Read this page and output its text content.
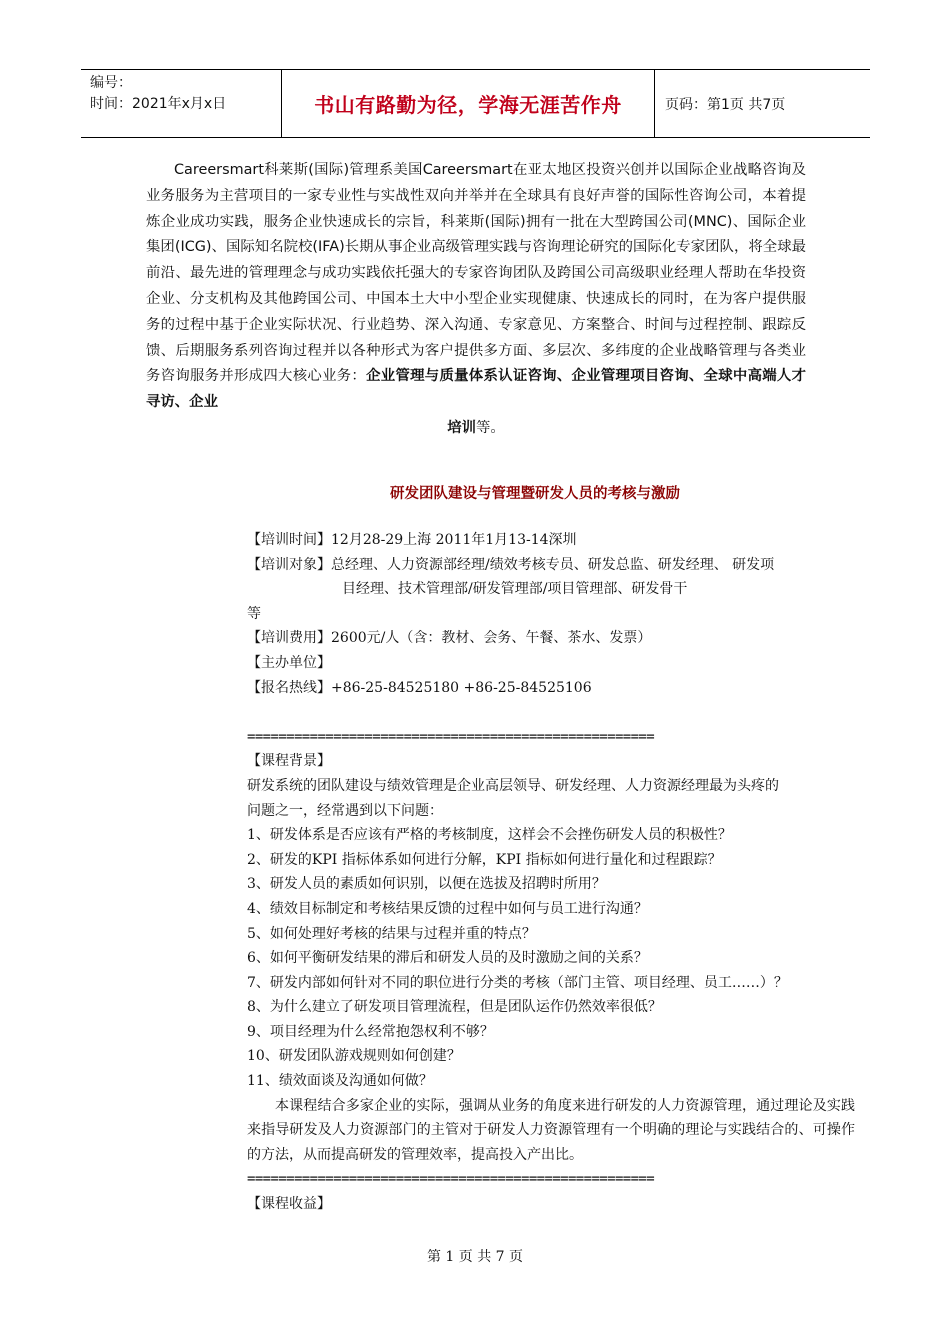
编号：
时间：2021年x月x日	书山有路勤为径，学海无涯苦作舟	页码：第1页 共7页
Careersmart科莱斯(国际)管理系美国Careersmart在亚太地区投资兴创并以国际企业战略咨询及业务服务为主营项目的一家专业性与实战性双向并举并在全球具有良好声誉的国际性咨询公司，本着提炼企业成功实践，服务企业快速成长的宗旨，科莱斯(国际)拥有一批在大型跨国公司(MNC)、国际企业集团(ICG)、国际知名院校(IFA)长期从事企业高级管理实践与咨询理论研究的国际化专家团队，将全球最前沿、最先进的管理理念与成功实践依托强大的专家咨询团队及跨国公司高级职业经理人帮助在华投资企业、分支机构及其他跨国公司、中国本土大中小型企业实现健康、快速成长的同时，在为客户提供服务的过程中基于企业实际状况、行业趋势、深入沟通、专家意见、方案整合、时间与过程控制、跟踪反馈、后期服务系列咨询过程并以各种形式为客户提供多方面、多层次、多纬度的企业战略管理与各类业务咨询服务并形成四大核心业务：企业管理与质量体系认证咨询、企业管理项目咨询、全球中高端人才寻访、企业
培训等。
研发团队建设与管理暨研发人员的考核与激励
【培训时间】12月28-29上海 2011年1月13-14深圳
【培训对象】总经理、人力资源部经理/绩效考核专员、研发总监、研发经理、 研发项
目经理、技术管理部/研发管理部/项目管理部、研发骨干
等
【培训费用】2600元/人（含：教材、会务、午餐、茶水、发票）
【主办单位】
【报名热线】+86-25-84525180 +86-25-84525106
====================================================
【课程背景】
研发系统的团队建设与绩效管理是企业高层领导、研发经理、人力资源经理最为头疼的
问题之一，经常遇到以下问题：
1、研发体系是否应该有严格的考核制度，这样会不会挫伤研发人员的积极性？
2、研发的KPI 指标体系如何进行分解，KPI 指标如何进行量化和过程跟踪？
3、研发人员的素质如何识别，以便在选拔及招聘时所用？
4、绩效目标制定和考核结果反馈的过程中如何与员工进行沟通？
5、如何处理好考核的结果与过程并重的特点？
6、如何平衡研发结果的滞后和研发人员的及时激励之间的关系？
7、研发内部如何针对不同的职位进行分类的考核（部门主管、项目经理、员工……）？
8、为什么建立了研发项目管理流程，但是团队运作仍然效率很低？
9、项目经理为什么经常抱怨权利不够？
10、研发团队游戏规则如何创建？
11、绩效面谈及沟通如何做？
本课程结合多家企业的实际，强调从业务的角度来进行研发的人力资源管理，通过理论及实践来指导研发及人力资源部门的主管对于研发人力资源管理有一个明确的理论与实践结合的、可操作的方法，从而提高研发的管理效率，提高投入产出比。
====================================================
【课程收益】
第 1 页 共 7 页
